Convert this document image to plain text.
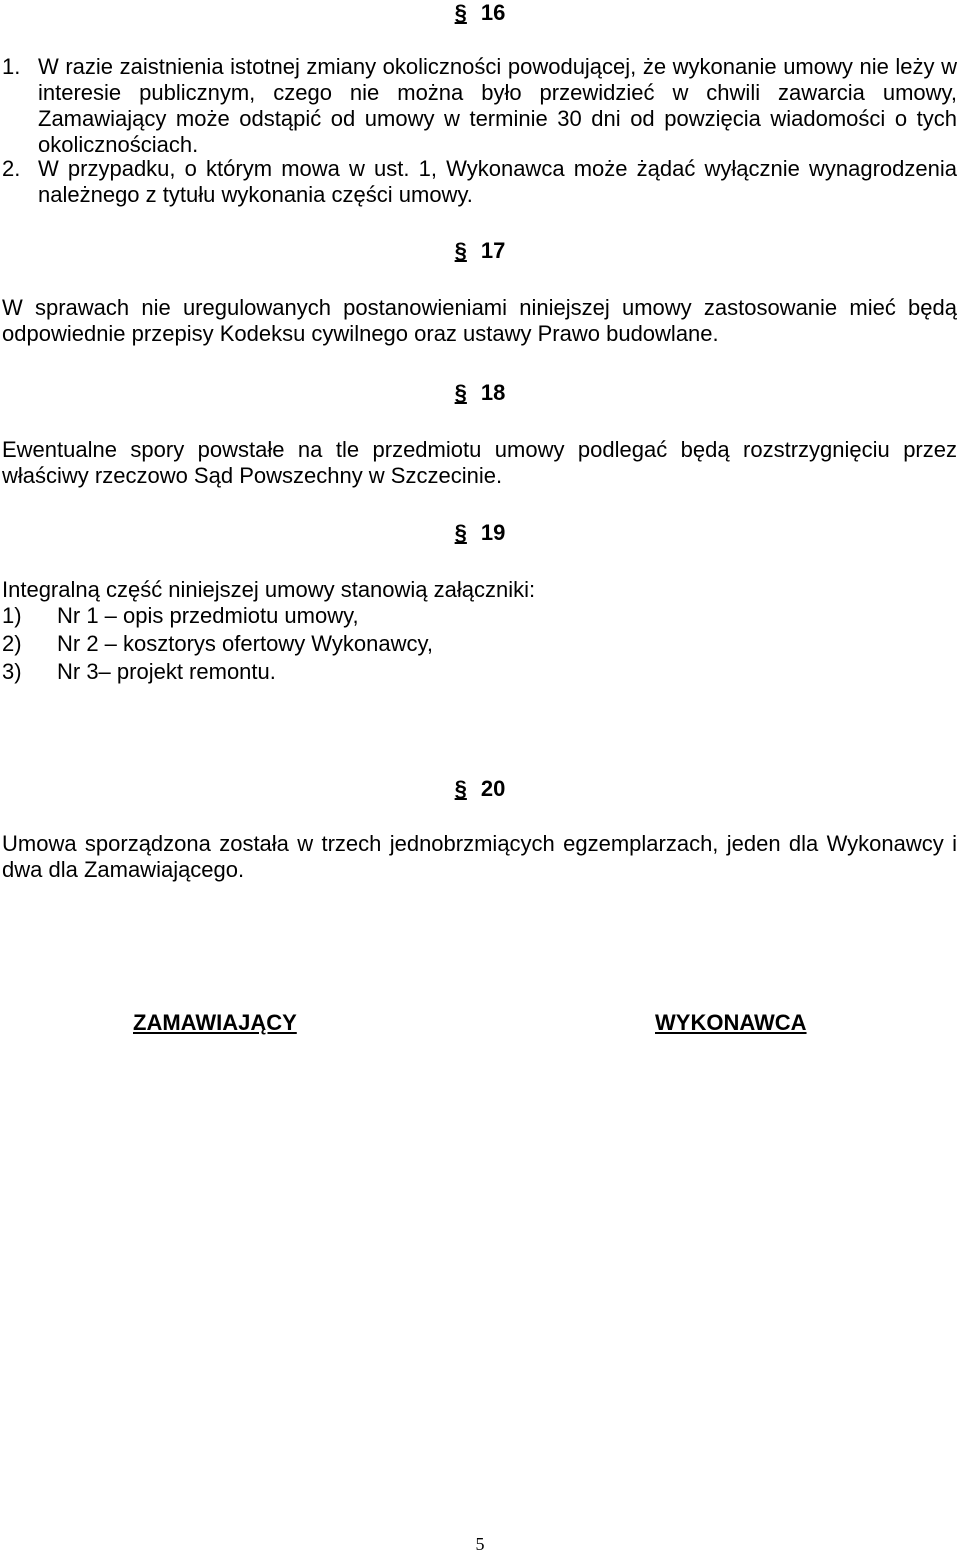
§ 16
1. W razie zaistnienia istotnej zmiany okoliczności powodującej, że wykonanie umowy nie leży w interesie publicznym, czego nie można było przewidzieć w chwili zawarcia umowy, Zamawiający może odstąpić od umowy w terminie 30 dni od powzięcia wiadomości o tych okolicznościach.
2. W przypadku, o którym mowa w ust. 1, Wykonawca może żądać wyłącznie wynagrodzenia należnego z tytułu wykonania części umowy.
§ 17

W sprawach nie uregulowanych postanowieniami niniejszej umowy zastosowanie mieć będą odpowiednie przepisy Kodeksu cywilnego oraz ustawy Prawo budowlane.

§ 18

Ewentualne spory powstałe na tle przedmiotu umowy podlegać będą rozstrzygnięciu przez właściwy rzeczowo Sąd Powszechny w Szczecinie.

§ 19
Integralną część niniejszej umowy stanowią załączniki:
1) Nr 1 – opis przedmiotu umowy,
2) Nr 2 – kosztorys ofertowy Wykonawcy,
3) Nr 3– projekt remontu.
§ 20

Umowa sporządzona została w trzech jednobrzmiących egzemplarzach, jeden dla Wykonawcy i dwa dla Zamawiającego.

ZAMAWIAJĄCY	WYKONAWCA
5
